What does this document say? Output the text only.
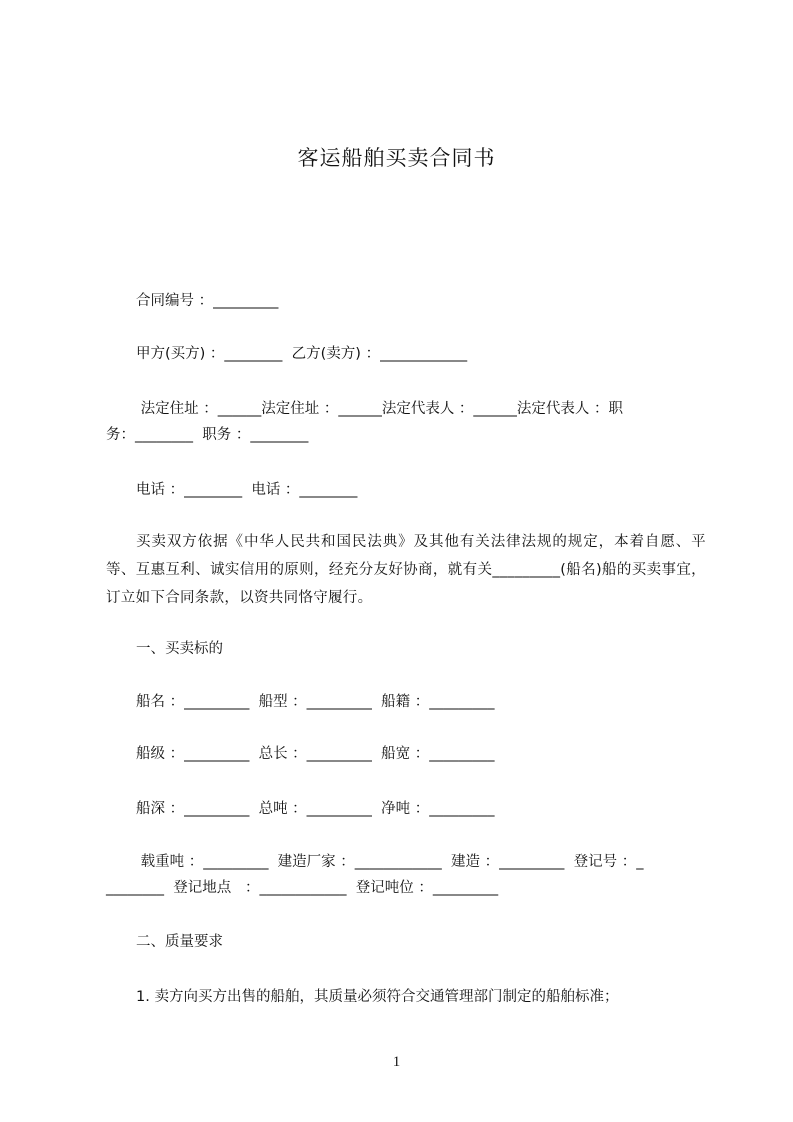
客运船舶买卖合同书
合同编号 ：_________
甲方(买方) ：________  乙方(卖方) ：____________
法定住址 ：______法定住址 ：______法定代表人 ：______法定代表人 ：职
务：________  职务 ：________
电话 ：________  电话 ：________
买卖双方依据《中华人民共和国民法典》及其他有关法律法规的规定，本着自愿、平等、互惠互利、诚实信用的原则，经充分友好协商，就有关_________(船名)船的买卖事宜，订立如下合同条款，以资共同恪守履行。
一、买卖标的
船名 ：_________  船型 ：_________  船籍 ：_________
船级 ：_________  总长 ：_________  船宽 ：_________
船深 ：_________  总吨 ：_________  净吨 ：_________
载重吨 ：_________  建造厂家 ：____________  建造 ：_________  登记号 ：_
________  登记地点   ：____________  登记吨位 ：_________
二、质量要求
1. 卖方向买方出售的船舶，其质量必须符合交通管理部门制定的船舶标准；
1
